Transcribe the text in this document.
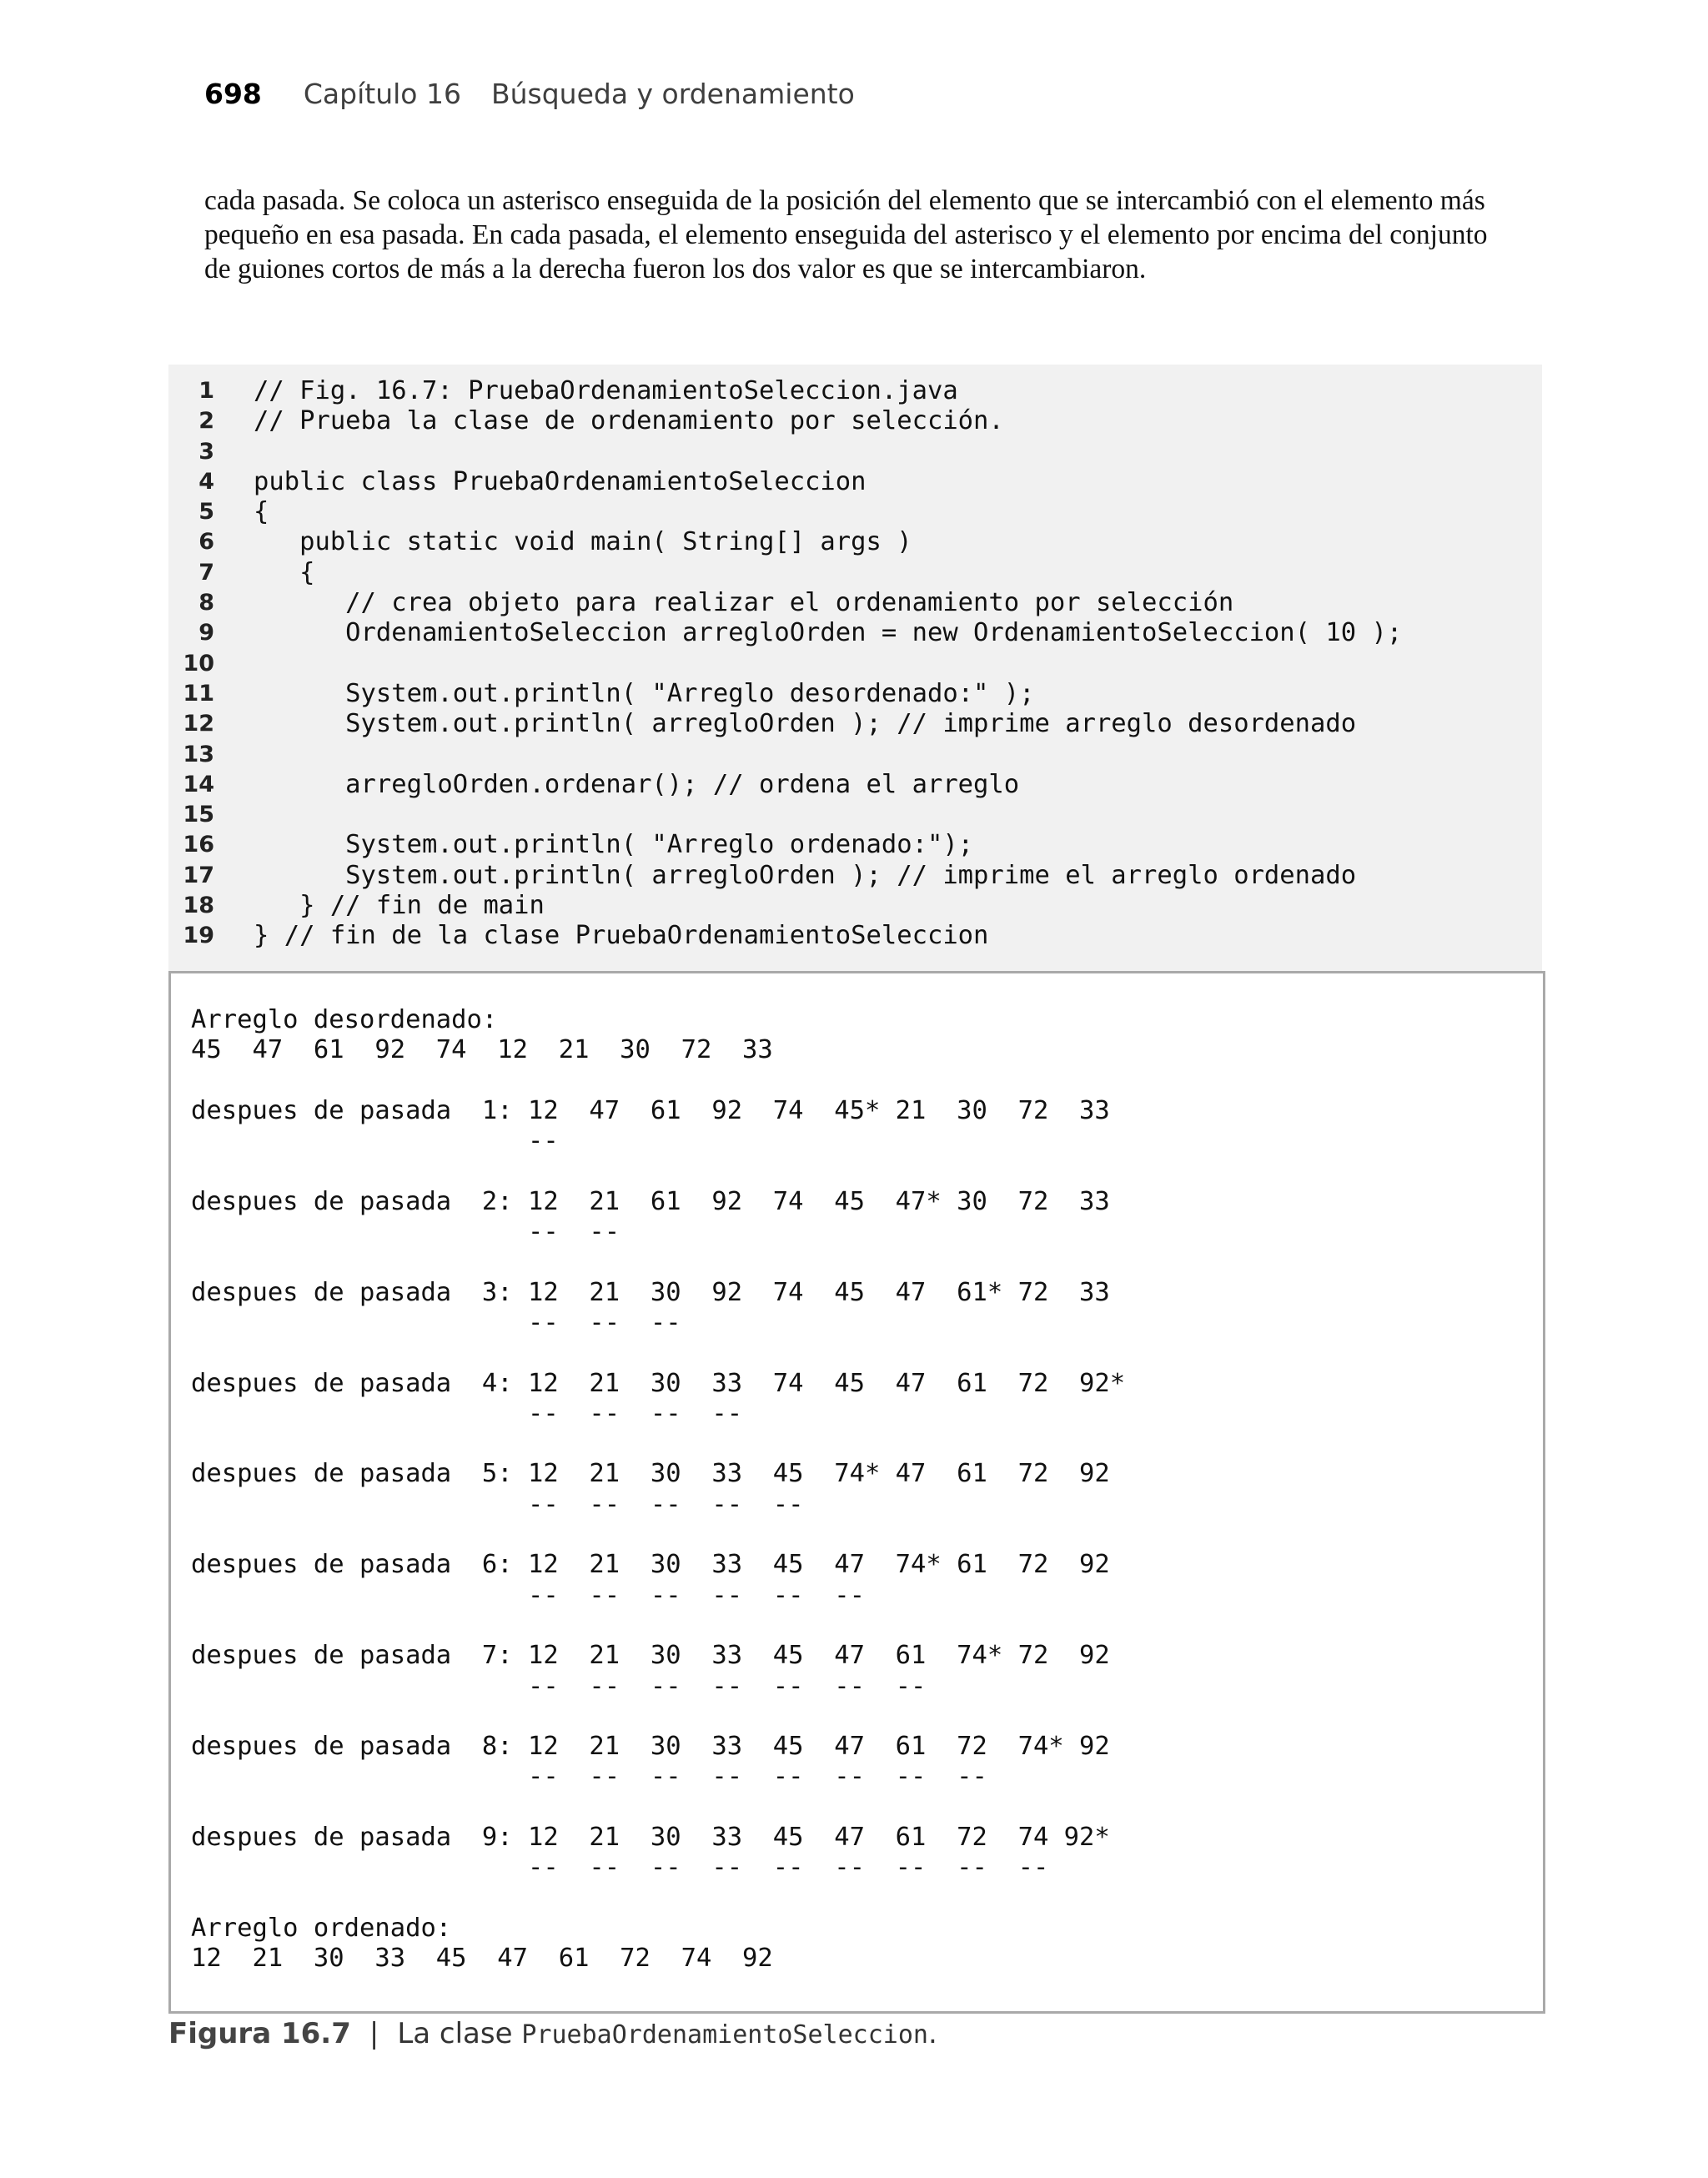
698 Capítulo 16 Búsqueda y ordenamiento

cada pasada. Se coloca un asterisco enseguida de la posición del elemento que se intercambió con el elemento más

pequeño en esa pasada. En cada pasada, el elemento enseguida del asterisco y el elemento por encima del conjunto

de guiones cortos de más a la derecha fueron los dos valor es que se intercambiaron.

1	// Fig. 16.7: PruebaOrdenamientoSeleccion.java
2	// Prueba la clase de ordenamiento por selección.
3
4	public class PruebaOrdenamientoSeleccion
5	{
6	public static void main( String[] args )
7	{
8	// crea objeto para realizar el ordenamiento por selección
9	OrdenamientoSeleccion arregloOrden = new OrdenamientoSeleccion( 10 );
10
11	System.out.println( "Arreglo desordenado:" );
12	System.out.println( arregloOrden ); // imprime arreglo desordenado
13
14	arregloOrden.ordenar(); // ordena el arreglo
15
16	System.out.println( "Arreglo ordenado:");
17	System.out.println( arregloOrden ); // imprime el arreglo ordenado
18	} // fin de main
19	} // fin de la clase PruebaOrdenamientoSeleccion
Arreglo desordenado:
45  47  61  92  74  12  21  30  72  33
despues de pasada  1: 12  47  61  92  74  45* 21  30  72  33
--
despues de pasada  2: 12  21  61  92  74  45  47* 30  72  33
--  --
despues de pasada  3: 12  21  30  92  74  45  47  61* 72  33
--  --  --
despues de pasada  4: 12  21  30  33  74  45  47  61  72  92*
--  --  --  --
despues de pasada  5: 12  21  30  33  45  74* 47  61  72  92
--  --  --  --  --
despues de pasada  6: 12  21  30  33  45  47  74* 61  72  92
--  --  --  --  --  --
despues de pasada  7: 12  21  30  33  45  47  61  74* 72  92
--  --  --  --  --  --  --
despues de pasada  8: 12  21  30  33  45  47  61  72  74* 92
--  --  --  --  --  --  --  --
despues de pasada  9: 12  21  30  33  45  47  61  72  74 92*
--  --  --  --  --  --  --  --  --
Arreglo ordenado:
12  21  30  33  45  47  61  72  74  92
Figura 16.7 | La clase PruebaOrdenamientoSeleccion .
